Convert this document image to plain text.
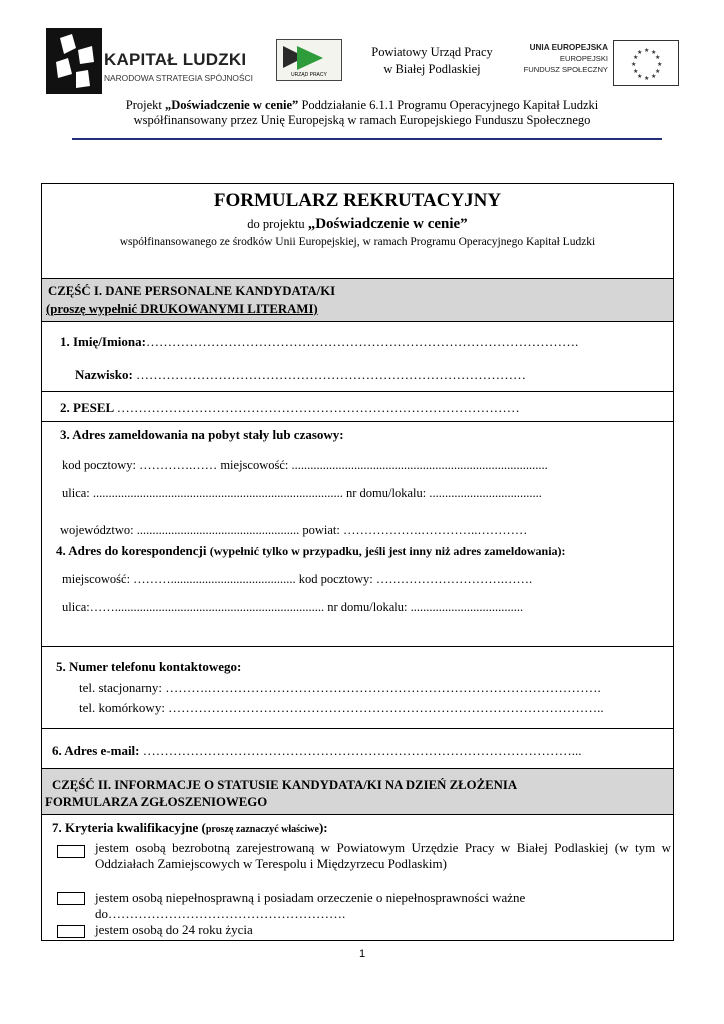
KAPITAŁ LUDZKI
NARODOWA STRATEGIA SPÓJNOŚCI	URZĄD PRACY
Powiatowy Urząd Pracy
w Białej Podlaskiej
UNIA EUROPEJSKA
EUROPEJSKI
FUNDUSZ SPOŁECZNY
★ ★
★
★
★
★
★
★
★
★
★
★
Projekt „Doświadczenie w cenie” Poddziałanie 6.1.1 Programu Operacyjnego Kapitał Ludzki
współfinansowany przez Unię Europejską w ramach Europejskiego Funduszu Społecznego
FORMULARZ REKRUTACYJNY
do projektu „Doświadczenie w cenie”
współfinansowanego ze środków Unii Europejskiej, w ramach Programu Operacyjnego Kapitał Ludzki
CZĘŚĆ I. DANE PERSONALNE KANDYDATA/KI
(proszę wypełnić DRUKOWANYMI LITERAMI)
1. Imię/Imiona:……………………………………………………………………………………….
Nazwisko: ………………………………………………………………………………
2. PESEL …………………………………………………………………………………
3. Adres zameldowania na pobyt stały lub czasowy:
kod pocztowy: ………….…… miejscowość: ..................................................................................
ulica: ................................................................................ nr domu/lokalu: ....................................
województwo: .................................................... powiat: ……………….…………..…………
4. Adres do korespondencji (wypełnić tylko w przypadku, jeśli jest inny niż adres zameldowania):
miejscowość: ………........................................ kod pocztowy: ………………………….…….
ulica:……................................................................... nr domu/lokalu: ....................................
5. Numer telefonu kontaktowego:
tel. stacjonarny: ……….……………………………………………………………………………….
tel. komórkowy: ………………………………………………………………………………………..
6. Adres e-mail: ………………………………………………………………………………………...
CZĘŚĆ II. INFORMACJE O STATUSIE KANDYDATA/KI NA DZIEŃ ZŁOŻENIA
FORMULARZA ZGŁOSZENIOWEGO
7. Kryteria kwalifikacyjne (proszę zaznaczyć właściwe):
jestem osobą bezrobotną zarejestrowaną w Powiatowym Urzędzie Pracy w Białej Podlaskiej (w tym w Oddziałach Zamiejscowych w Terespolu i Międzyrzecu Podlaskim)
jestem osobą niepełnosprawną i posiadam orzeczenie o niepełnosprawności ważne do……………………………………………….
jestem osobą do 24 roku życia
1
